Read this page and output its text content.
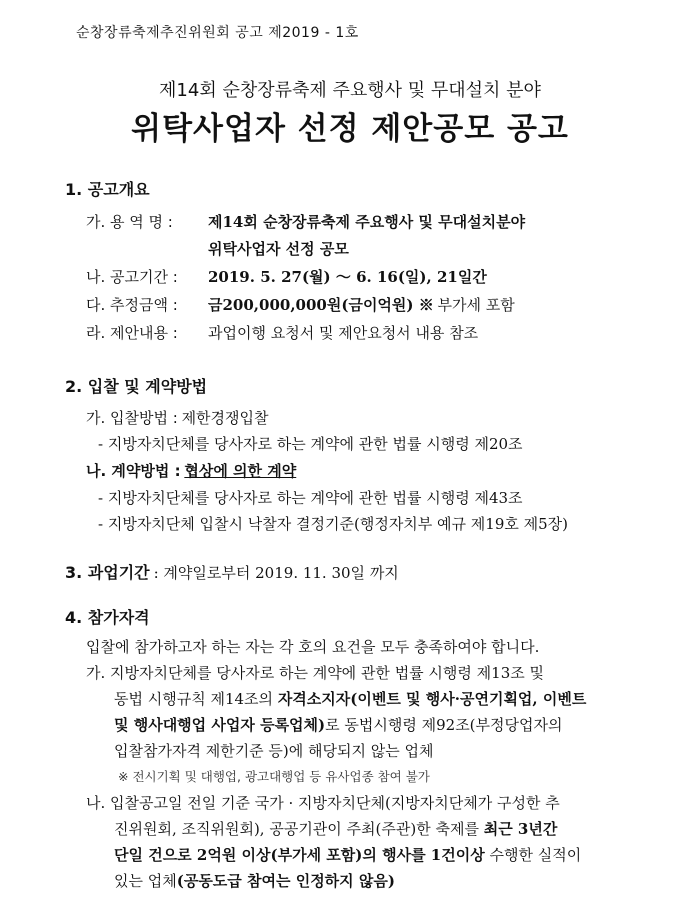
순창장류축제추진위원회 공고 제2019 - 1호
제14회 순창장류축제 주요행사 및 무대설치 분야
위탁사업자 선정 제안공모 공고
1. 공고개요
가. 용 역 명 : 제14회 순창장류축제 주요행사 및 무대설치분야
위탁사업자 선정 공모
나. 공고기간 : 2019. 5. 27(월) ～ 6. 16(일), 21일간
다. 추정금액 : 금200,000,000원(금이억원) ※ 부가세 포함
라. 제안내용 : 과업이행 요청서 및 제안요청서 내용 참조
2. 입찰 및 계약방법
가. 입찰방법 : 제한경쟁입찰
- 지방자치단체를 당사자로 하는 계약에 관한 법률 시행령 제20조
나. 계약방법 : 협상에 의한 계약
- 지방자치단체를 당사자로 하는 계약에 관한 법률 시행령 제43조
- 지방자치단체 입찰시 낙찰자 결정기준(행정자치부 예규 제19호 제5장)
3. 과업기간 : 계약일로부터 2019. 11. 30일 까지
4. 참가자격
입찰에 참가하고자 하는 자는 각 호의 요건을 모두 충족하여야 합니다.
가. 지방자치단체를 당사자로 하는 계약에 관한 법률 시행령 제13조 및
동법 시행규칙 제14조의 자격소지자(이벤트 및 행사·공연기획업, 이벤트
및 행사대행업 사업자 등록업체)로 동법시행령 제92조(부정당업자의
입찰참가자격 제한기준 등)에 해당되지 않는 업체
※ 전시기획 및 대행업, 광고대행업 등 유사업종 참여 불가
나. 입찰공고일 전일 기준 국가 · 지방자치단체(지방자치단체가 구성한 추
진위원회, 조직위원회), 공공기관이 주최(주관)한 축제를 최근 3년간
단일 건으로 2억원 이상(부가세 포함)의 행사를 1건이상 수행한 실적이
있는 업체(공동도급 참여는 인정하지 않음)
